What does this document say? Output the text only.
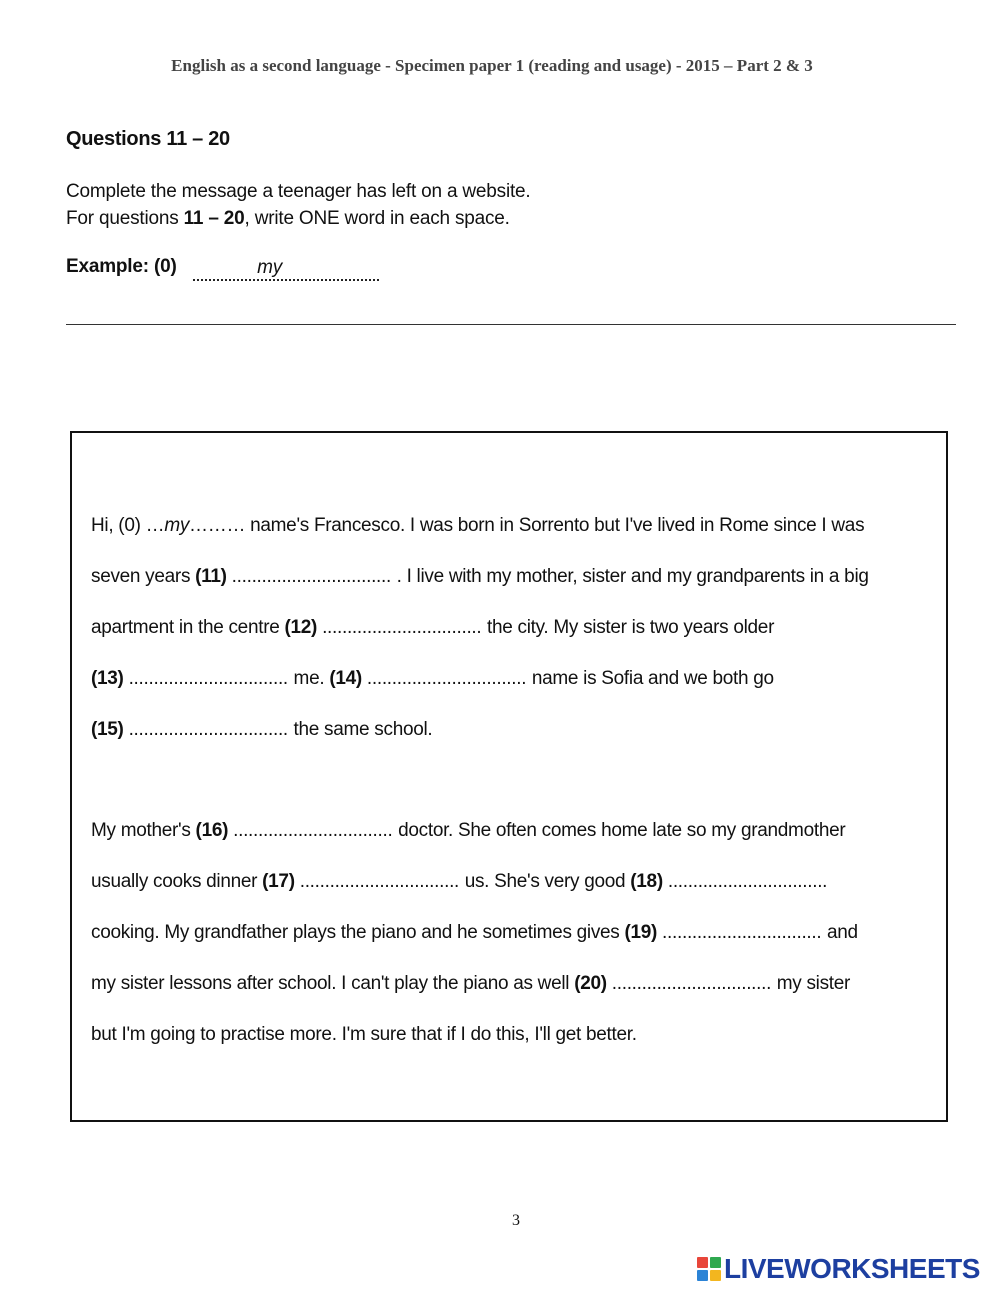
English as a second language - Specimen paper 1 (reading and usage) - 2015 – Part 2 & 3
Questions 11 – 20
Complete the message a teenager has left on a website.
For questions 11 – 20, write ONE word in each space.
Example: (0)	my
Hi, (0) …my……… name's Francesco. I was born in Sorrento but I've lived in Rome since I was
seven years (11) .....	. I live with my mother, sister and my grandparents in a big
apartment in the centre (12) .....	the city. My sister is two years older
(13) .....	me. (14) .....	name is Sofia and we both go
(15) .....	the same school.
My mother's (16) .....	doctor. She often comes home late so my grandmother
usually cooks dinner (17) .....	us. She's very good (18) .....
cooking. My grandfather plays the piano and he sometimes gives (19) .....	and
my sister lessons after school. I can't play the piano as well (20) .....	my sister
but I'm going to practise more. I'm sure that if I do this, I'll get better.
3
LIVEWORKSHEETS
